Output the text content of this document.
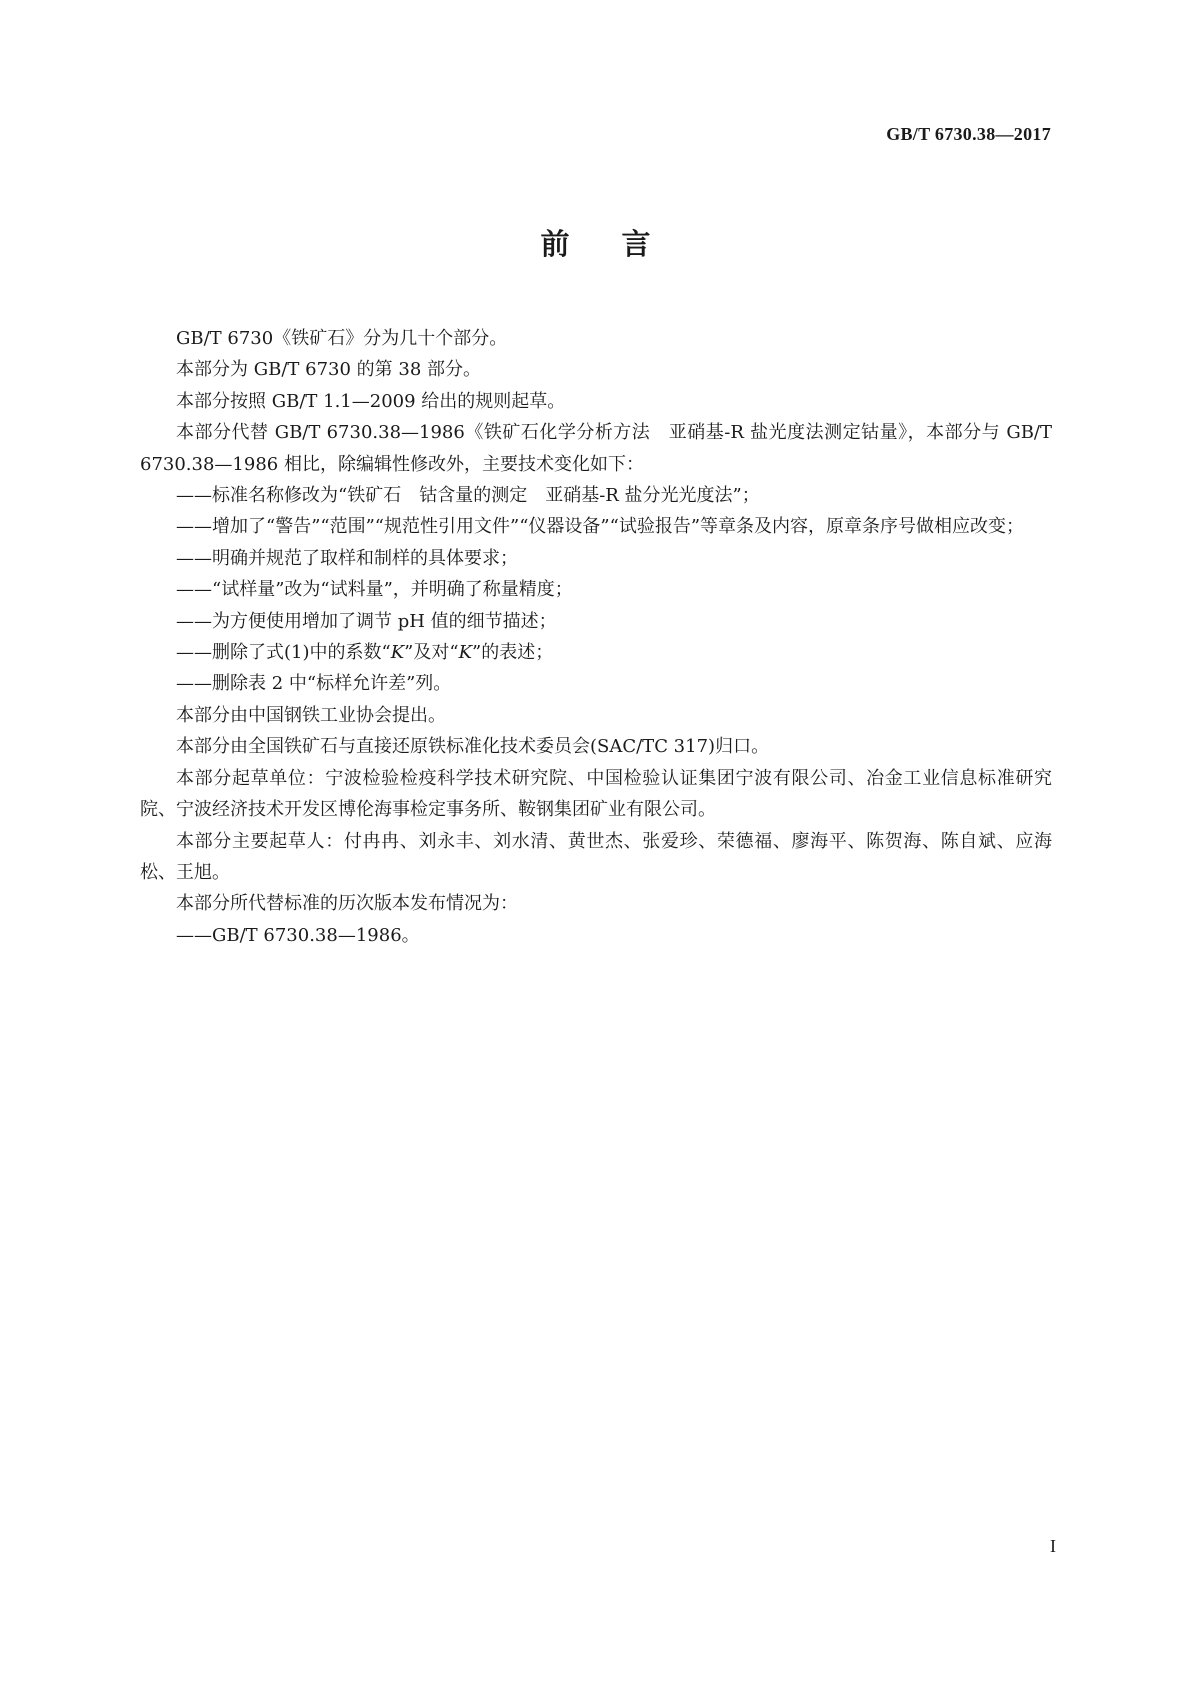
GB/T 6730.38—2017
前言

GB/T 6730《铁矿石》分为几十个部分。

本部分为 GB/T 6730 的第 38 部分。

本部分按照 GB/T 1.1—2009 给出的规则起草。

本部分代替 GB/T 6730.38—1986《铁矿石化学分析方法　亚硝基-R 盐光度法测定钴量》，本部分与 GB/T 6730.38—1986 相比，除编辑性修改外，主要技术变化如下：

——标准名称修改为“铁矿石　钴含量的测定　亚硝基-R 盐分光光度法”；

——增加了“警告”“范围”“规范性引用文件”“仪器设备”“试验报告”等章条及内容，原章条序号做相应改变；

——明确并规范了取样和制样的具体要求；

——“试样量”改为“试料量”，并明确了称量精度；

——为方便使用增加了调节 pH 值的细节描述；

——删除了式(1)中的系数“K”及对“K”的表述；

——删除表 2 中“标样允许差”列。

本部分由中国钢铁工业协会提出。

本部分由全国铁矿石与直接还原铁标准化技术委员会(SAC/TC 317)归口。

本部分起草单位：宁波检验检疫科学技术研究院、中国检验认证集团宁波有限公司、冶金工业信息标准研究院、宁波经济技术开发区博伦海事检定事务所、鞍钢集团矿业有限公司。

本部分主要起草人：付冉冉、刘永丰、刘水清、黄世杰、张爱珍、荣德福、廖海平、陈贺海、陈自斌、应海松、王旭。

本部分所代替标准的历次版本发布情况为：

——GB/T 6730.38—1986。

I
